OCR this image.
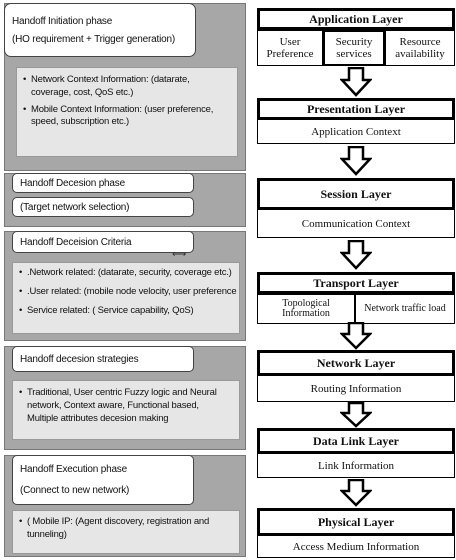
Handoff Initiation phase
(HO requirement + Trigger generation)
• Network Context Information: (datarate, coverage, cost, QoS etc.)
• Mobile Context Information: (user preference, speed, subscription etc.)
Handoff Decesion phase
(Target network selection)
Handoff Deceision Criteria
⟷
• .Network related: (datarate, security, coverage etc.)
• .User related: (mobile node velocity, user preference
• Service related: ( Service capability, QoS)
Handoff decesion strategies
• Traditional, User centric Fuzzy logic and Neural network, Context aware, Functional based, Multiple attributes decesion making
Handoff Execution phase
(Connect to new network)
• ( Mobile IP: (Agent discovery, registration and tunneling)
Application Layer
User Preference
Security services
Resource availability
Presentation Layer
Application Context
Session Layer
Communication Context
Transport Layer
Topological Information	Network traffic load
Network Layer
Routing Information
Data Link Layer
Link Information
Physical Layer
Access Medium Information
